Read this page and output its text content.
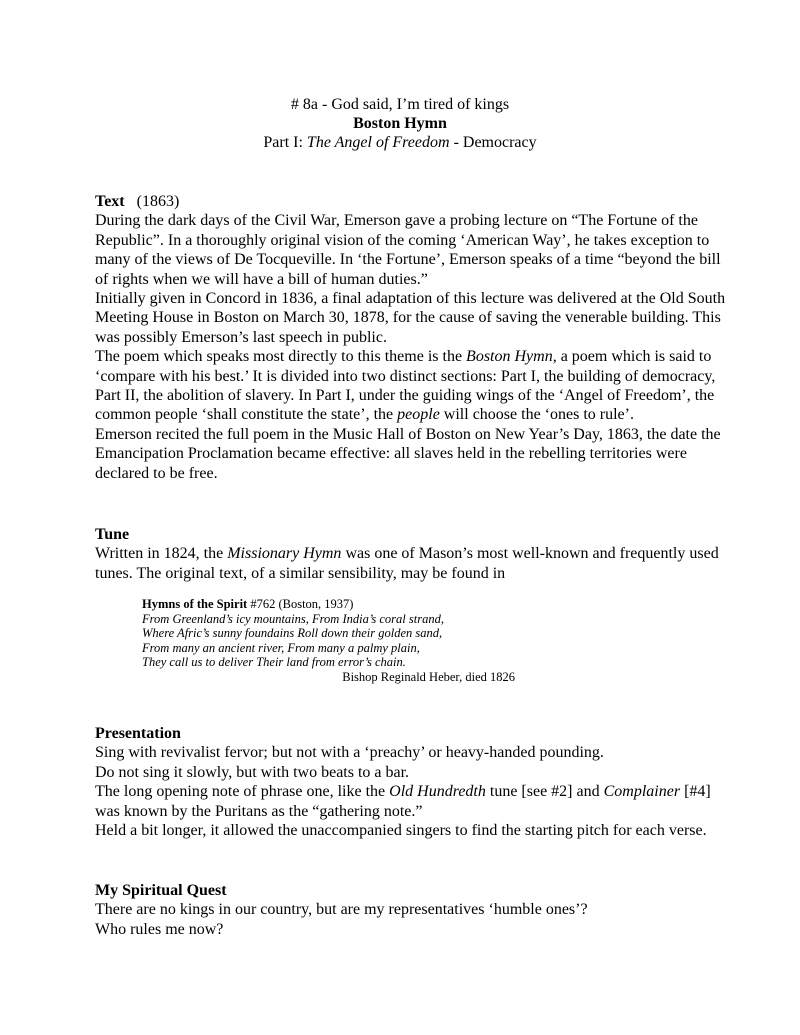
# 8a - God said, I’m tired of kings
Boston Hymn
Part I: The Angel of Freedom - Democracy

Text (1863)

During the dark days of the Civil War, Emerson gave a probing lecture on “The Fortune of the Republic”. In a thoroughly original vision of the coming ‘American Way’, he takes exception to many of the views of De Tocqueville. In ‘the Fortune’, Emerson speaks of a time “beyond the bill of rights when we will have a bill of human duties.”

Initially given in Concord in 1836, a final adaptation of this lecture was delivered at the Old South Meeting House in Boston on March 30, 1878, for the cause of saving the venerable building. This was possibly Emerson’s last speech in public.

The poem which speaks most directly to this theme is the Boston Hymn, a poem which is said to ‘compare with his best.’ It is divided into two distinct sections: Part I, the building of democracy, Part II, the abolition of slavery. In Part I, under the guiding wings of the ‘Angel of Freedom’, the common people ‘shall constitute the state’, the people will choose the ‘ones to rule’.

Emerson recited the full poem in the Music Hall of Boston on New Year’s Day, 1863, the date the Emancipation Proclamation became effective: all slaves held in the rebelling territories were declared to be free.

Tune

Written in 1824, the Missionary Hymn was one of Mason’s most well-known and frequently used tunes. The original text, of a similar sensibility, may be found in

Hymns of the Spirit #762 (Boston, 1937)
From Greenland’s icy mountains, From India’s coral strand,
Where Afric’s sunny foundains Roll down their golden sand,
From many an ancient river, From many a palmy plain,
They call us to deliver Their land from error’s chain.
Bishop Reginald Heber, died 1826

Presentation

Sing with revivalist fervor; but not with a ‘preachy’ or heavy-handed pounding.

Do not sing it slowly, but with two beats to a bar.

The long opening note of phrase one, like the Old Hundredth tune [see #2] and Complainer [#4] was known by the Puritans as the “gathering note.”

Held a bit longer, it allowed the unaccompanied singers to find the starting pitch for each verse.

My Spiritual Quest

There are no kings in our country, but are my representatives ‘humble ones’?

Who rules me now?
